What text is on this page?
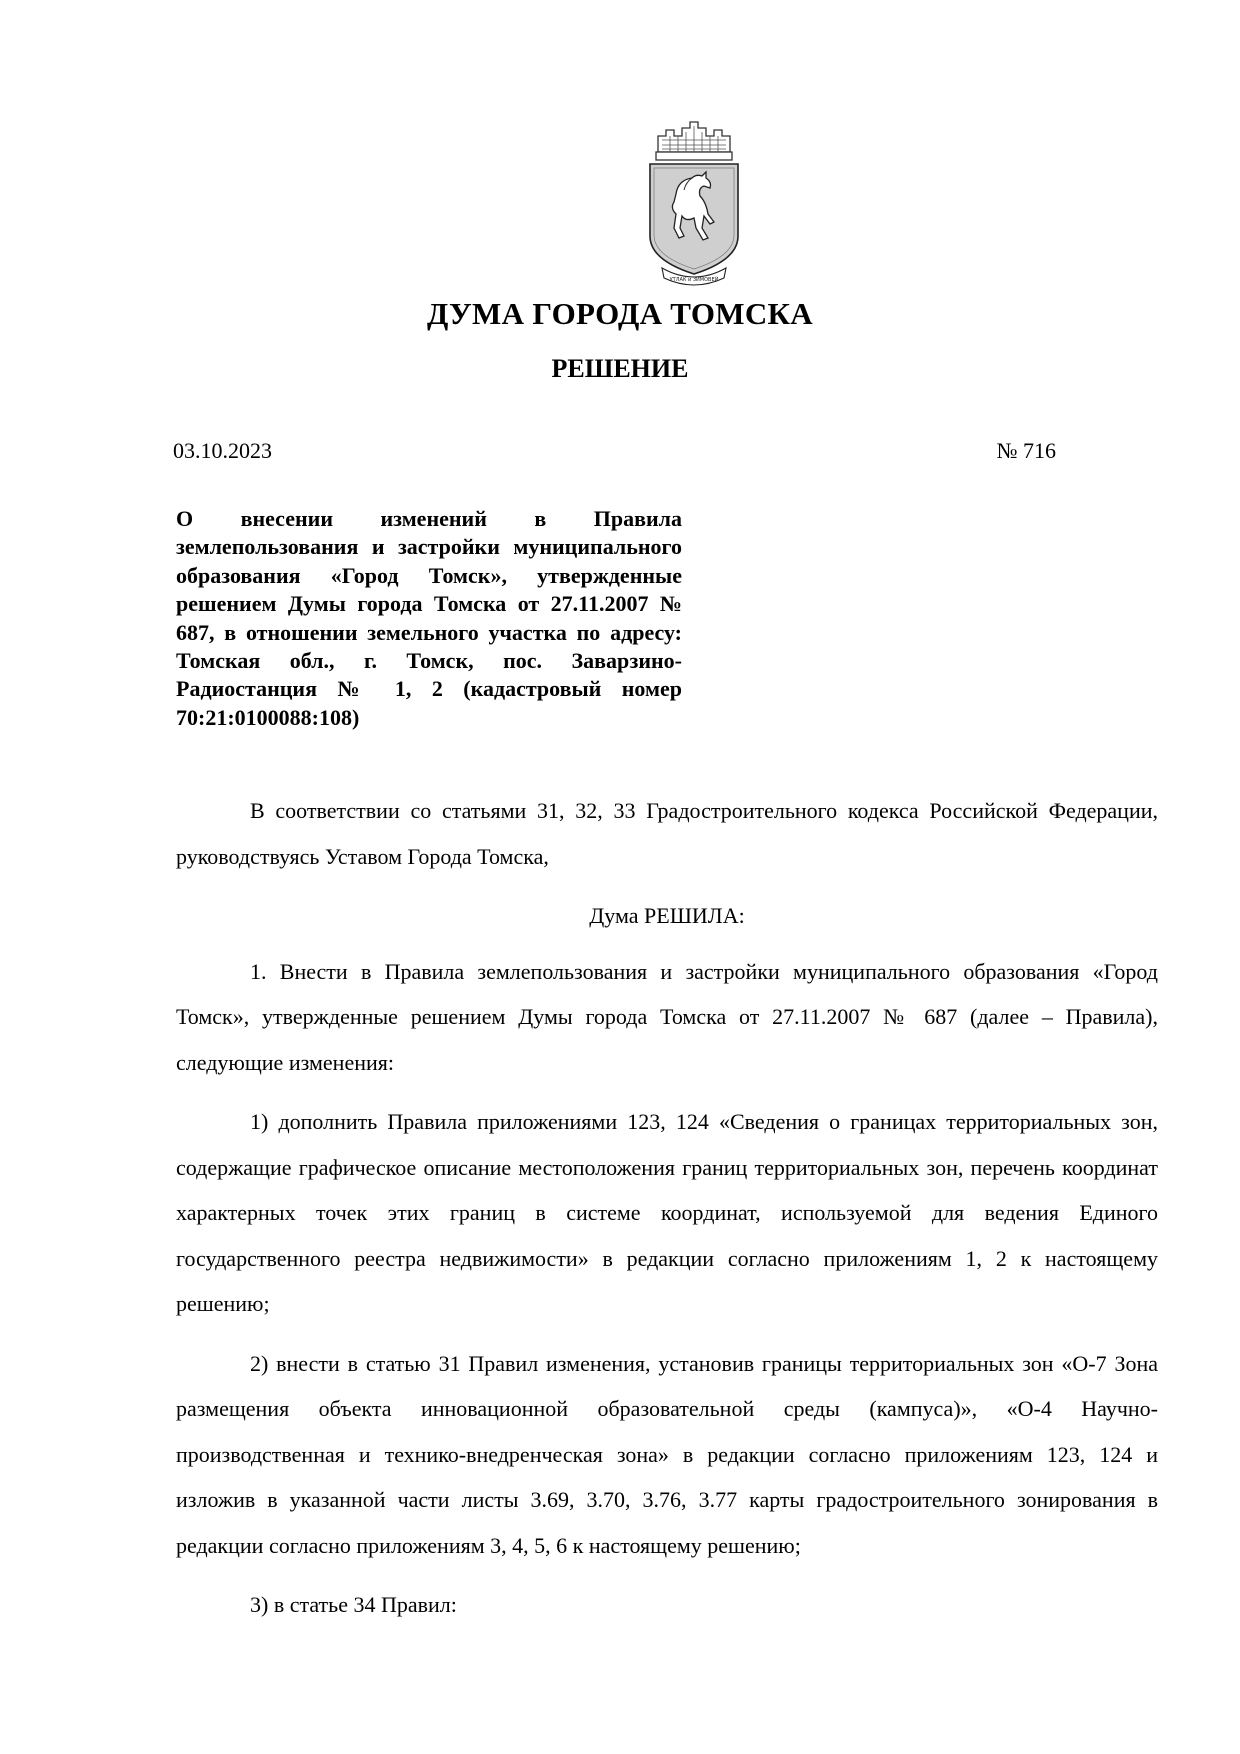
УТЛАК и ЗИМОВЕЙ
ДУМА ГОРОДА ТОМСКА
РЕШЕНИЕ
03.10.2023	№ 716
О внесении изменений в Правила землепользования и застройки муниципального образования «Город Томск», утвержденные решением Думы города Томска от 27.11.2007 № 687, в отношении земельного участка по адресу: Томская обл., г. Томск, пос. Заварзино-Радиостанция № 1, 2 (кадастровый номер 70:21:0100088:108)

В соответствии со статьями 31, 32, 33 Градостроительного кодекса Российской Федерации, руководствуясь Уставом Города Томска,

Дума РЕШИЛА:

1. Внести в Правила землепользования и застройки муниципального образования «Город Томск», утвержденные решением Думы города Томска от 27.11.2007 № 687 (далее – Правила), следующие изменения:

1) дополнить Правила приложениями 123, 124 «Сведения о границах территориальных зон, содержащие графическое описание местоположения границ территориальных зон, перечень координат характерных точек этих границ в системе координат, используемой для ведения Единого государственного реестра недвижимости» в редакции согласно приложениям 1, 2 к настоящему решению;

2) внести в статью 31 Правил изменения, установив границы территориальных зон «О-7 Зона размещения объекта инновационной образовательной среды (кампуса)», «О-4 Научно-производственная и технико-внедренческая зона» в редакции согласно приложениям 123, 124 и изложив в указанной части листы 3.69, 3.70, 3.76, 3.77 карты градостроительного зонирования в редакции согласно приложениям 3, 4, 5, 6 к настоящему решению;

3) в статье 34 Правил:
